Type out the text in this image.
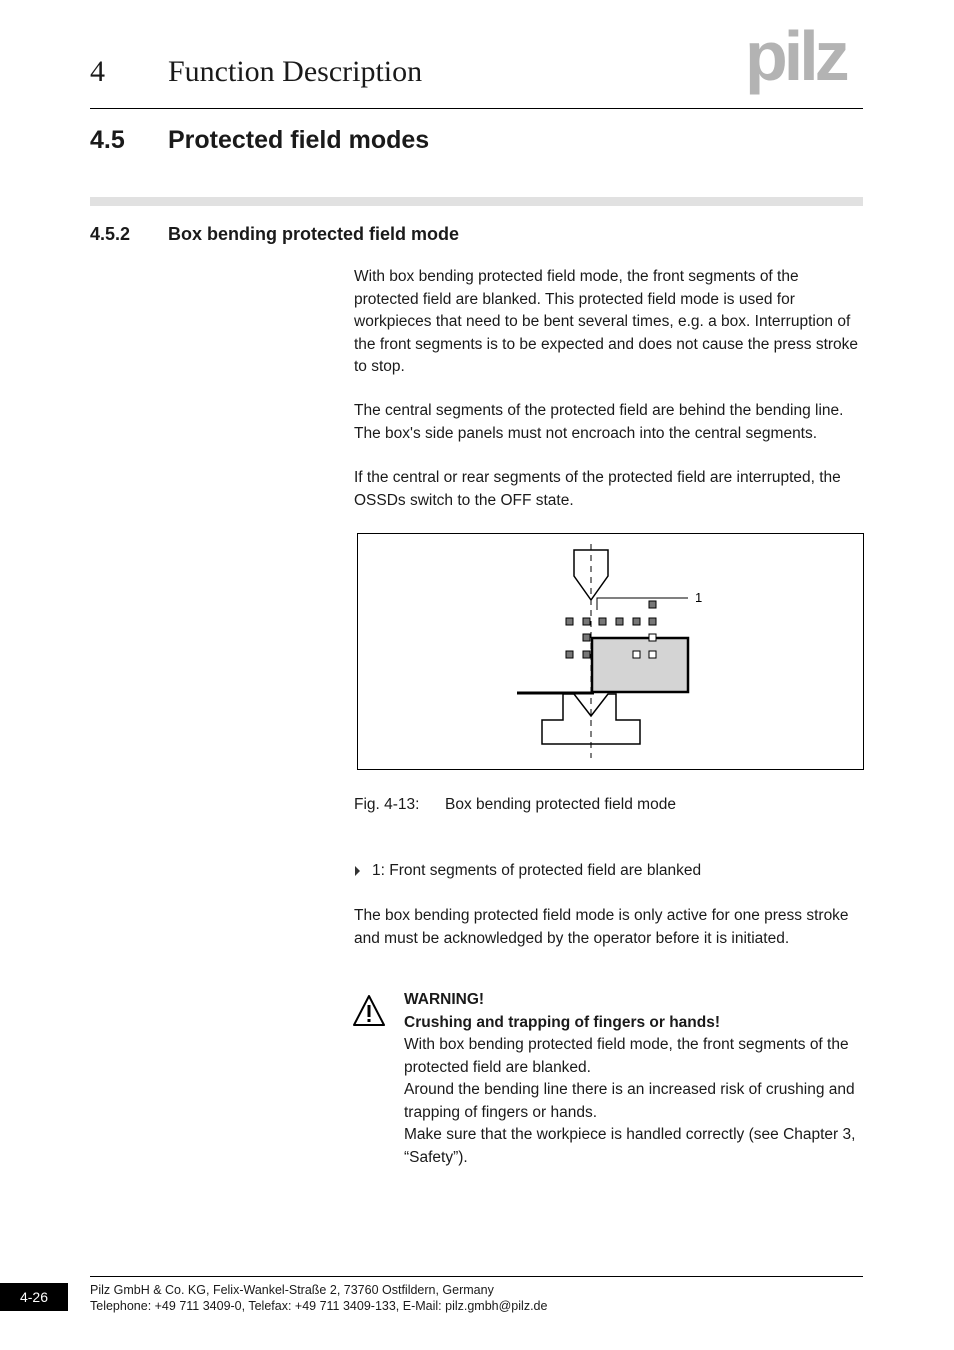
4 Function Description	pilz
4.5 Protected field modes
4.5.2 Box bending protected field mode
With box bending protected field mode, the front segments of the protected field are blanked. This protected field mode is used for workpieces that need to be bent several times, e.g. a box. Interruption of the front segments is to be expected and does not cause the press stroke to stop.
The central segments of the protected field are behind the bending line. The box's side panels must not encroach into the central segments.
If the central or rear segments of the protected field are interrupted, the OSSDs switch to the OFF state.
1
Fig. 4-13: Box bending protected field mode
1: Front segments of protected field are blanked
The box bending protected field mode is only active for one press stroke and must be acknowledged by the operator before it is initiated.
WARNING!
Crushing and trapping of fingers or hands!
With box bending protected field mode, the front segments of the protected field are blanked.
Around the bending line there is an increased risk of crushing and trapping of fingers or hands.
Make sure that the workpiece is handled correctly (see Chapter 3, “Safety”).
4-26	Pilz GmbH & Co. KG, Felix-Wankel-Straße 2, 73760 Ostfildern, Germany
Telephone: +49 711 3409-0, Telefax: +49 711 3409-133, E-Mail: pilz.gmbh@pilz.de
